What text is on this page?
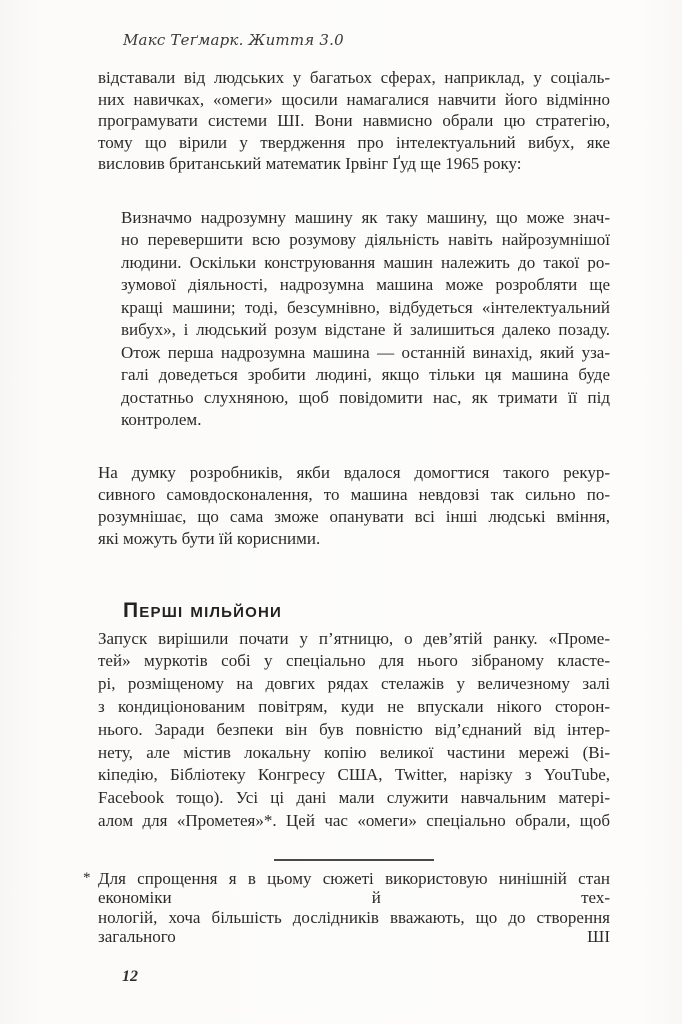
Макс Теґмарк. Життя 3.0
відставали від людських у багатьох сферах, наприклад, у соціаль-
них навичках, «омеги» щосили намагалися навчити його відмінно
програмувати системи ШІ. Вони навмисно обрали цю стратегію,
тому що вірили у твердження про інтелектуальний вибух, яке
висловив британський математик Ірвінг Ґуд ще 1965 року:
Визначмо надрозумну машину як таку машину, що може знач-
но перевершити всю розумову діяльність навіть найрозумнішої
людини. Оскільки конструювання машин належить до такої ро-
зумової діяльності, надрозумна машина може розробляти ще
кращі машини; тоді, безсумнівно, відбудеться «інтелектуальний
вибух», і людський розум відстане й залишиться далеко позаду.
Отож перша надрозумна машина — останній винахід, який уза-
галі доведеться зробити людині, якщо тільки ця машина буде
достатньо слухняною, щоб повідомити нас, як тримати її під
контролем.
На думку розробників, якби вдалося домогтися такого рекур-
сивного самовдосконалення, то машина невдовзі так сильно по-
розумнішає, що сама зможе опанувати всі інші людські вміння,
які можуть бути їй корисними.
Перші мільйони
Запуск вирішили почати у п’ятницю, о дев’ятій ранку. «Проме-
тей» муркотів собі у спеціально для нього зібраному класте-
рі, розміщеному на довгих рядах стелажів у величезному залі
з кондиціонованим повітрям, куди не впускали нікого сторон-
нього. Заради безпеки він був повністю від’єднаний від інтер-
нету, але містив локальну копію великої частини мережі (Ві-
кіпедію, Бібліотеку Конгресу США, Twitter, нарізку з YouTube,
Facebook тощо). Усі ці дані мали служити навчальним матері-
алом для «Прометея»*. Цей час «омеги» спеціально обрали, щоб
* Для спрощення я в цьому сюжеті використовую нинішній стан економіки й тех-
нологій, хоча більшість дослідників вважають, що до створення загального ШІ
12
